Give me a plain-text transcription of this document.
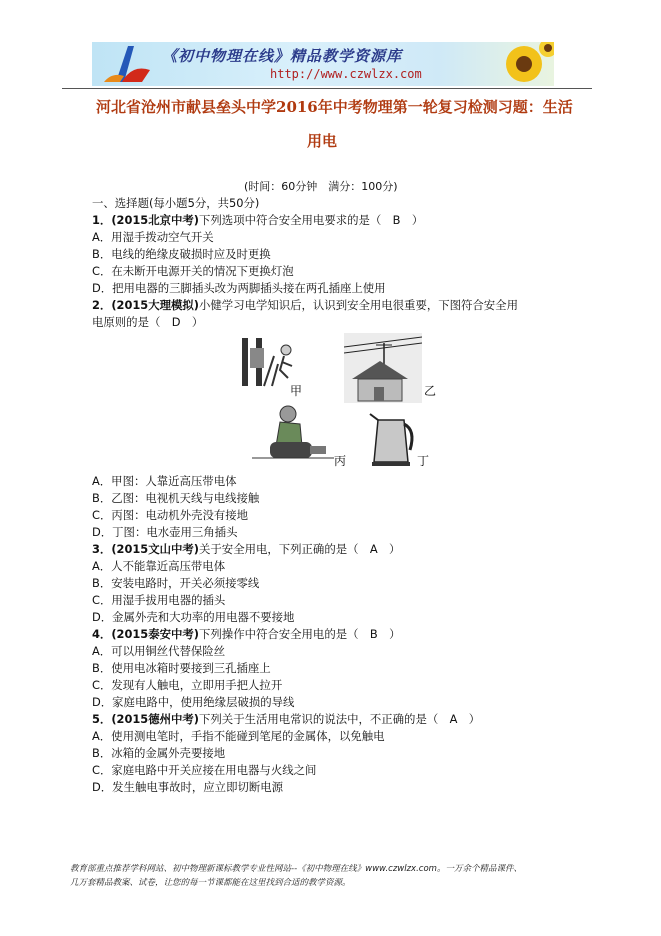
《初中物理在线》精品教学资源库
http://www.czwlzx.com
河北省沧州市献县垒头中学2016年中考物理第一轮复习检测习题：生活
用电
(时间：60分钟　满分：100分)
一、选择题(每小题5分，共50分)
1．(2015北京中考)下列选项中符合安全用电要求的是（　B　）
A．用湿手拨动空气开关
B．电线的绝缘皮破损时应及时更换
C．在未断开电源开关的情况下更换灯泡
D．把用电器的三脚插头改为两脚插头接在两孔插座上使用
2．(2015大理模拟)小健学习电学知识后，认识到安全用电很重要，下图符合安全用
电原则的是（　D　）
甲	乙
丙	丁
A．甲图：人靠近高压带电体
B．乙图：电视机天线与电线接触
C．丙图：电动机外壳没有接地
D．丁图：电水壶用三角插头
3．(2015文山中考)关于安全用电，下列正确的是（　A　）
A．人不能靠近高压带电体
B．安装电路时，开关必须接零线
C．用湿手拔用电器的插头
D．金属外壳和大功率的用电器不要接地
4．(2015泰安中考)下列操作中符合安全用电的是（　B　）
A．可以用铜丝代替保险丝
B．使用电冰箱时要接到三孔插座上
C．发现有人触电，立即用手把人拉开
D．家庭电路中，使用绝缘层破损的导线
5．(2015德州中考)下列关于生活用电常识的说法中，不正确的是（　A　）
A．使用测电笔时，手指不能碰到笔尾的金属体，以免触电
B．冰箱的金属外壳要接地
C．家庭电路中开关应接在用电器与火线之间
D．发生触电事故时，应立即切断电源
教育部重点推荐学科网站、初中物理新课标教学专业性网站--《初中物理在线》www.czwlzx.com。一万余个精品课件、
几万套精品教案、试卷，让您的每一节课都能在这里找到合适的教学资源。
